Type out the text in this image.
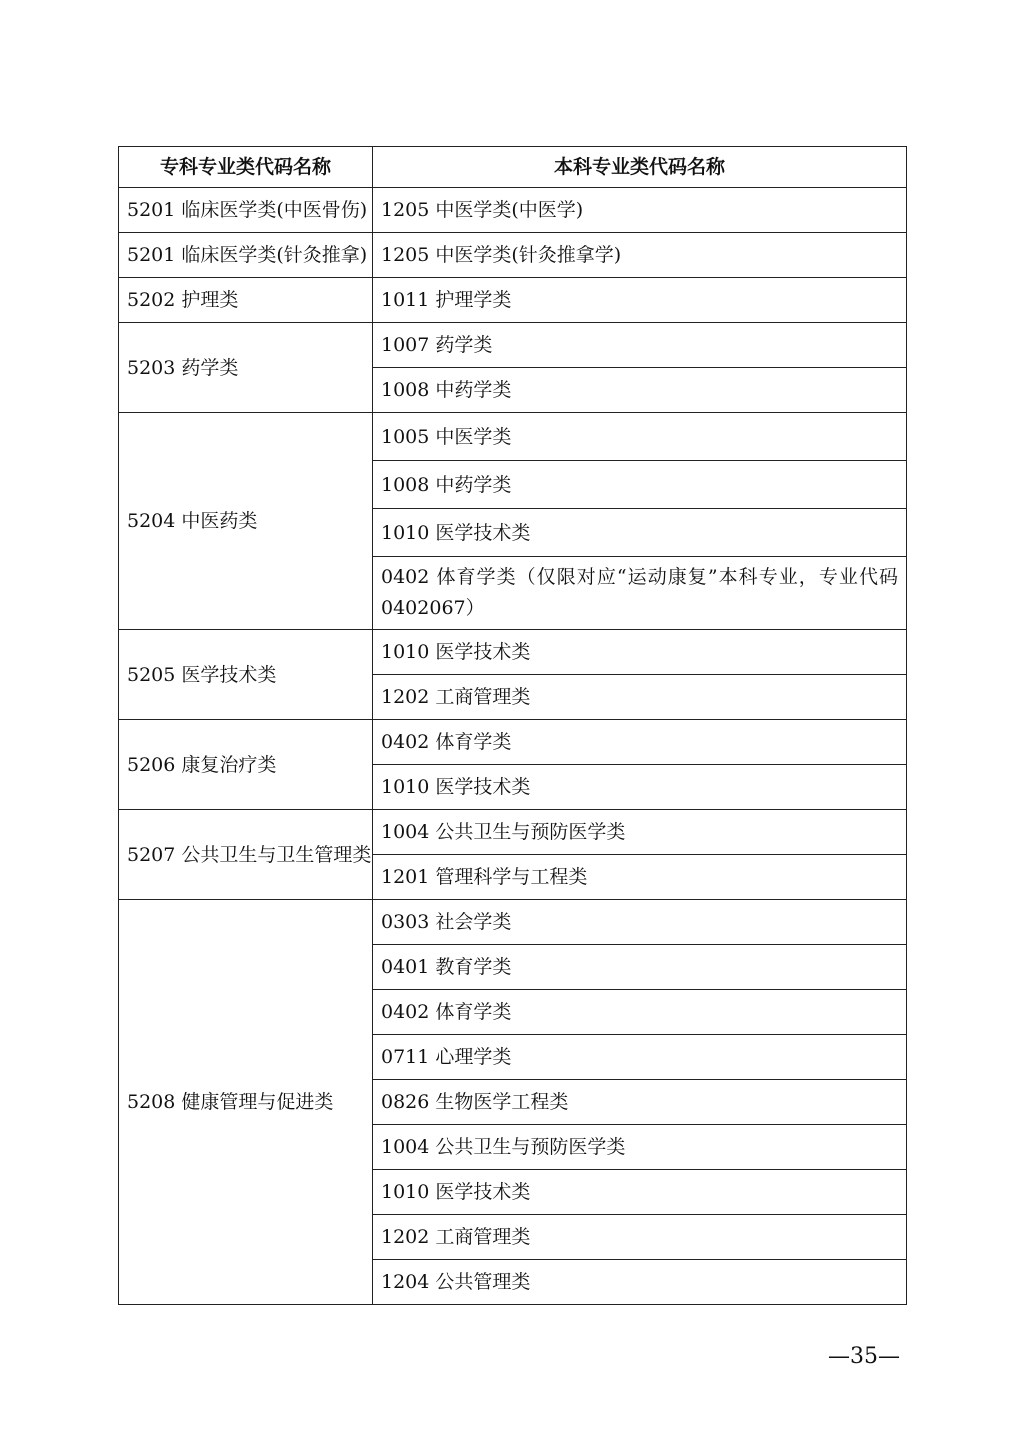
专科专业类代码名称	本科专业类代码名称
5201 临床医学类(中医骨伤)	1205 中医学类(中医学)
5201 临床医学类(针灸推拿)	1205 中医学类(针灸推拿学)
5202 护理类	1011 护理学类
5203 药学类	1007 药学类
	1008 中药学类
5204 中医药类	1005 中医学类
	1008 中药学类
	1010 医学技术类
	0402 体育学类（仅限对应“运动康复”本科专业，专业代码 0402067）
5205 医学技术类	1010 医学技术类
	1202 工商管理类
5206 康复治疗类	0402 体育学类
	1010 医学技术类
5207 公共卫生与卫生管理类	1004 公共卫生与预防医学类
	1201 管理科学与工程类
5208 健康管理与促进类	0303 社会学类
	0401 教育学类
	0402 体育学类
	0711 心理学类
	0826 生物医学工程类
	1004 公共卫生与预防医学类
	1010 医学技术类
	1202 工商管理类
	1204 公共管理类
—35—
